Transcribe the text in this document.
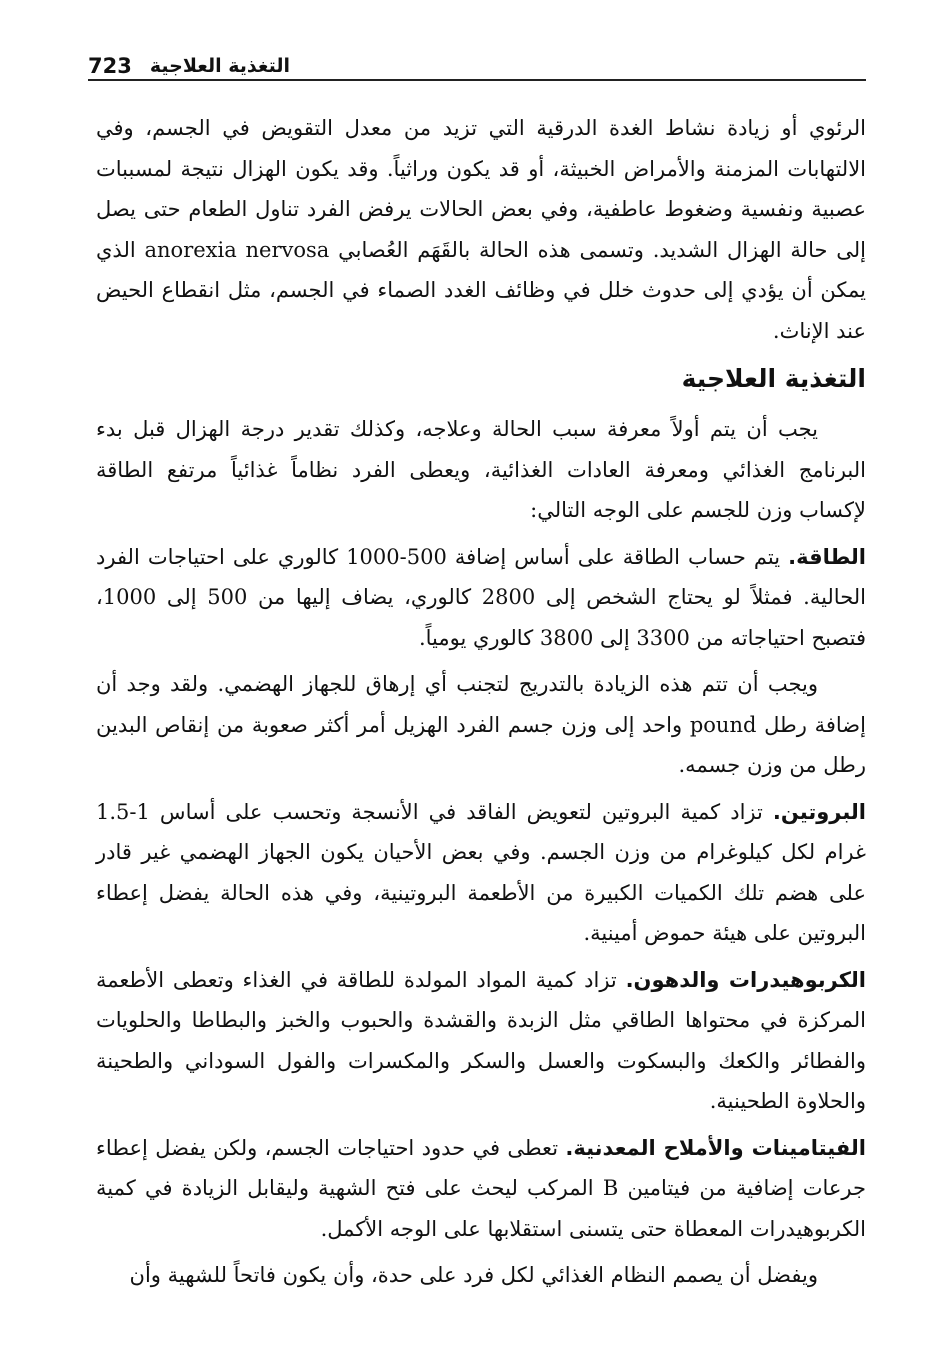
723 التغذية العلاجية

الرئوي أو زيادة نشاط الغدة الدرقية التي تزيد من معدل التقويض في الجسم، وفي الالتهابات المزمنة والأمراض الخبيثة، أو قد يكون وراثياً. وقد يكون الهزال نتيجة لمسببات عصبية ونفسية وضغوط عاطفية، وفي بعض الحالات يرفض الفرد تناول الطعام حتى يصل إلى حالة الهزال الشديد. وتسمى هذه الحالة بالقَهَم العُصابي anorexia nervosa الذي يمكن أن يؤدي إلى حدوث خلل في وظائف الغدد الصماء في الجسم، مثل انقطاع الحيض عند الإناث.

التغذية العلاجية

يجب أن يتم أولاً معرفة سبب الحالة وعلاجه، وكذلك تقدير درجة الهزال قبل بدء البرنامج الغذائي ومعرفة العادات الغذائية، ويعطى الفرد نظاماً غذائياً مرتفع الطاقة لإكساب وزن للجسم على الوجه التالي:

الطاقة. يتم حساب الطاقة على أساس إضافة 500-1000 كالوري على احتياجات الفرد الحالية. فمثلاً لو يحتاج الشخص إلى 2800 كالوري، يضاف إليها من 500 إلى 1000، فتصبح احتياجاته من 3300 إلى 3800 كالوري يومياً.

ويجب أن تتم هذه الزيادة بالتدريج لتجنب أي إرهاق للجهاز الهضمي. ولقد وجد أن إضافة رطل pound واحد إلى وزن جسم الفرد الهزيل أمر أكثر صعوبة من إنقاص البدين رطل من وزن جسمه.

البروتين. تزاد كمية البروتين لتعويض الفاقد في الأنسجة وتحسب على أساس 1-1.5 غرام لكل كيلوغرام من وزن الجسم. وفي بعض الأحيان يكون الجهاز الهضمي غير قادر على هضم تلك الكميات الكبيرة من الأطعمة البروتينية، وفي هذه الحالة يفضل إعطاء البروتين على هيئة حموض أمينية.

الكربوهيدرات والدهون. تزاد كمية المواد المولدة للطاقة في الغذاء وتعطى الأطعمة المركزة في محتواها الطاقي مثل الزبدة والقشدة والحبوب والخبز والبطاطا والحلويات والفطائر والكعك والبسكوت والعسل والسكر والمكسرات والفول السوداني والطحينة والحلاوة الطحينية.

الفيتامينات والأملاح المعدنية. تعطى في حدود احتياجات الجسم، ولكن يفضل إعطاء جرعات إضافية من فيتامين B المركب ليحث على فتح الشهية وليقابل الزيادة في كمية الكربوهيدرات المعطاة حتى يتسنى استقلابها على الوجه الأكمل.

ويفضل أن يصمم النظام الغذائي لكل فرد على حدة، وأن يكون فاتحاً للشهية وأن
